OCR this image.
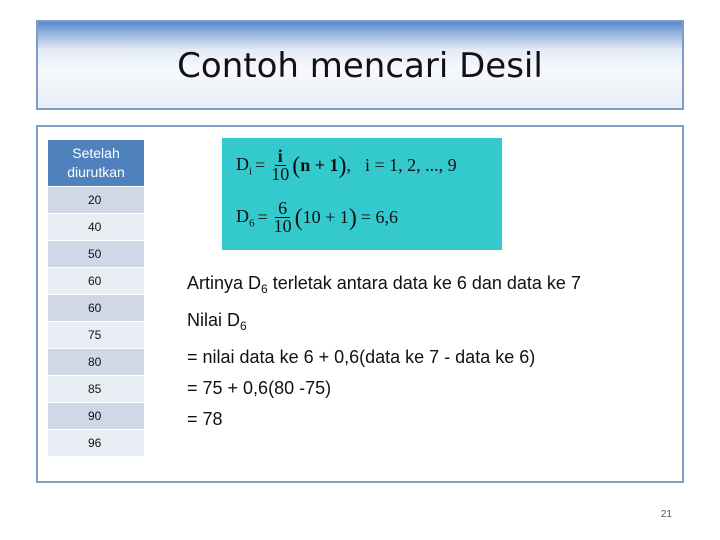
Contoh mencari Desil
Setelah
diurutkan
20
40
50
60
60
75
80
85
90
96
$D_i = \frac{i}{10}$ ( n + 1 ) , i = 1, 2, ..., 9
$D_6 = \frac{6}{10}$ ( 10 + 1 ) = 6,6
Artinya $D_6$ terletak antara data ke 6 dan data ke 7
Nilai $D_6$
= nilai data ke 6 + 0,6(data ke 7 - data ke 6)
= 75 + 0,6(80 -75)
= 78
21
